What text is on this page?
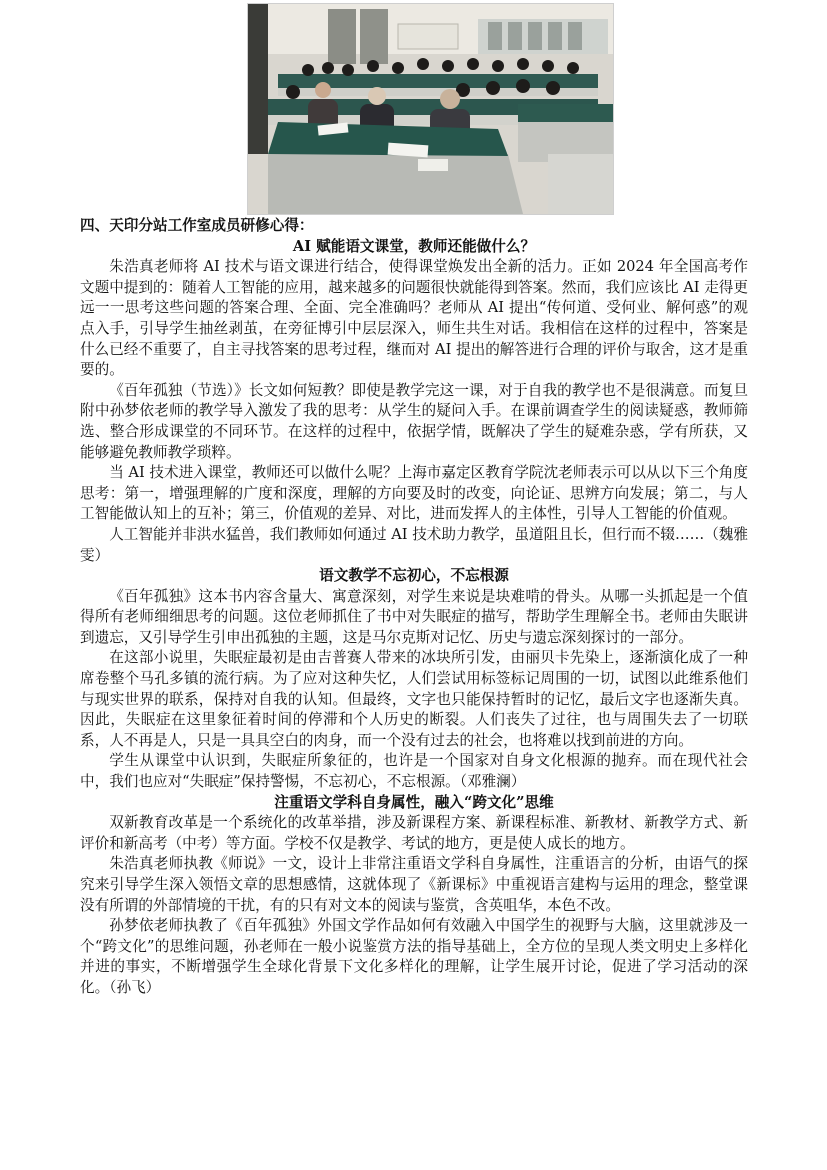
四、天印分站工作室成员研修心得：
AI 赋能语文课堂，教师还能做什么？

朱浩真老师将 AI 技术与语文课进行结合，使得课堂焕发出全新的活力。正如 2024 年全国高考作文题中提到的：随着人工智能的应用，越来越多的问题很快就能得到答案。然而，我们应该比 AI 走得更远一一思考这些问题的答案合理、全面、完全准确吗？老师从 AI 提出“传何道、受何业、解何惑”的观点入手，引导学生抽丝剥茧，在旁征博引中层层深入，师生共生对话。我相信在这样的过程中，答案是什么已经不重要了，自主寻找答案的思考过程，继而对 AI 提出的解答进行合理的评价与取舍，这才是重要的。

《百年孤独（节选）》长文如何短教？即使是教学完这一课，对于自我的教学也不是很满意。而复旦附中孙梦依老师的教学导入激发了我的思考：从学生的疑问入手。在课前调查学生的阅读疑惑，教师筛选、整合形成课堂的不同环节。在这样的过程中，依据学情，既解决了学生的疑难杂惑，学有所获，又能够避免教师教学琐粹。

当 AI 技术进入课堂，教师还可以做什么呢？上海市嘉定区教育学院沈老师表示可以从以下三个角度思考：第一，增强理解的广度和深度，理解的方向要及时的改变，向论证、思辨方向发展；第二，与人工智能做认知上的互补；第三，价值观的差异、对比，进而发挥人的主体性，引导人工智能的价值观。

人工智能并非洪水猛兽，我们教师如何通过 AI 技术助力教学，虽道阻且长，但行而不辍……（魏雅雯）

语文教学不忘初心，不忘根源

《百年孤独》这本书内容含量大、寓意深刻，对学生来说是块难啃的骨头。从哪一头抓起是一个值得所有老师细细思考的问题。这位老师抓住了书中对失眠症的描写，帮助学生理解全书。老师由失眠讲到遗忘，又引导学生引申出孤独的主题，这是马尔克斯对记忆、历史与遗忘深刻探讨的一部分。

在这部小说里，失眠症最初是由吉普赛人带来的冰块所引发，由丽贝卡先染上，逐渐演化成了一种席卷整个马孔多镇的流行病。为了应对这种失忆，人们尝试用标签标记周围的一切，试图以此维系他们与现实世界的联系，保持对自我的认知。但最终，文字也只能保持暂时的记忆，最后文字也逐渐失真。因此，失眠症在这里象征着时间的停滞和个人历史的断裂。人们丧失了过往，也与周围失去了一切联系，人不再是人，只是一具具空白的肉身，而一个没有过去的社会，也将难以找到前进的方向。

学生从课堂中认识到，失眠症所象征的，也许是一个国家对自身文化根源的抛弃。而在现代社会中，我们也应对“失眠症”保持警惕，不忘初心，不忘根源。（邓雅澜）

注重语文学科自身属性，融入“跨文化”思维

双新教育改革是一个系统化的改革举措，涉及新课程方案、新课程标准、新教材、新教学方式、新评价和新高考（中考）等方面。学校不仅是教学、考试的地方，更是使人成长的地方。

朱浩真老师执教《师说》一文，设计上非常注重语文学科自身属性，注重语言的分析，由语气的探究来引导学生深入领悟文章的思想感情，这就体现了《新课标》中重视语言建构与运用的理念，整堂课没有所谓的外部情境的干扰，有的只有对文本的阅读与鉴赏，含英咀华，本色不改。

孙梦依老师执教了《百年孤独》外国文学作品如何有效融入中国学生的视野与大脑，这里就涉及一个“跨文化”的思维问题，孙老师在一般小说鉴赏方法的指导基础上，全方位的呈现人类文明史上多样化并进的事实，不断增强学生全球化背景下文化多样化的理解，让学生展开讨论，促进了学习活动的深化。（孙飞）
